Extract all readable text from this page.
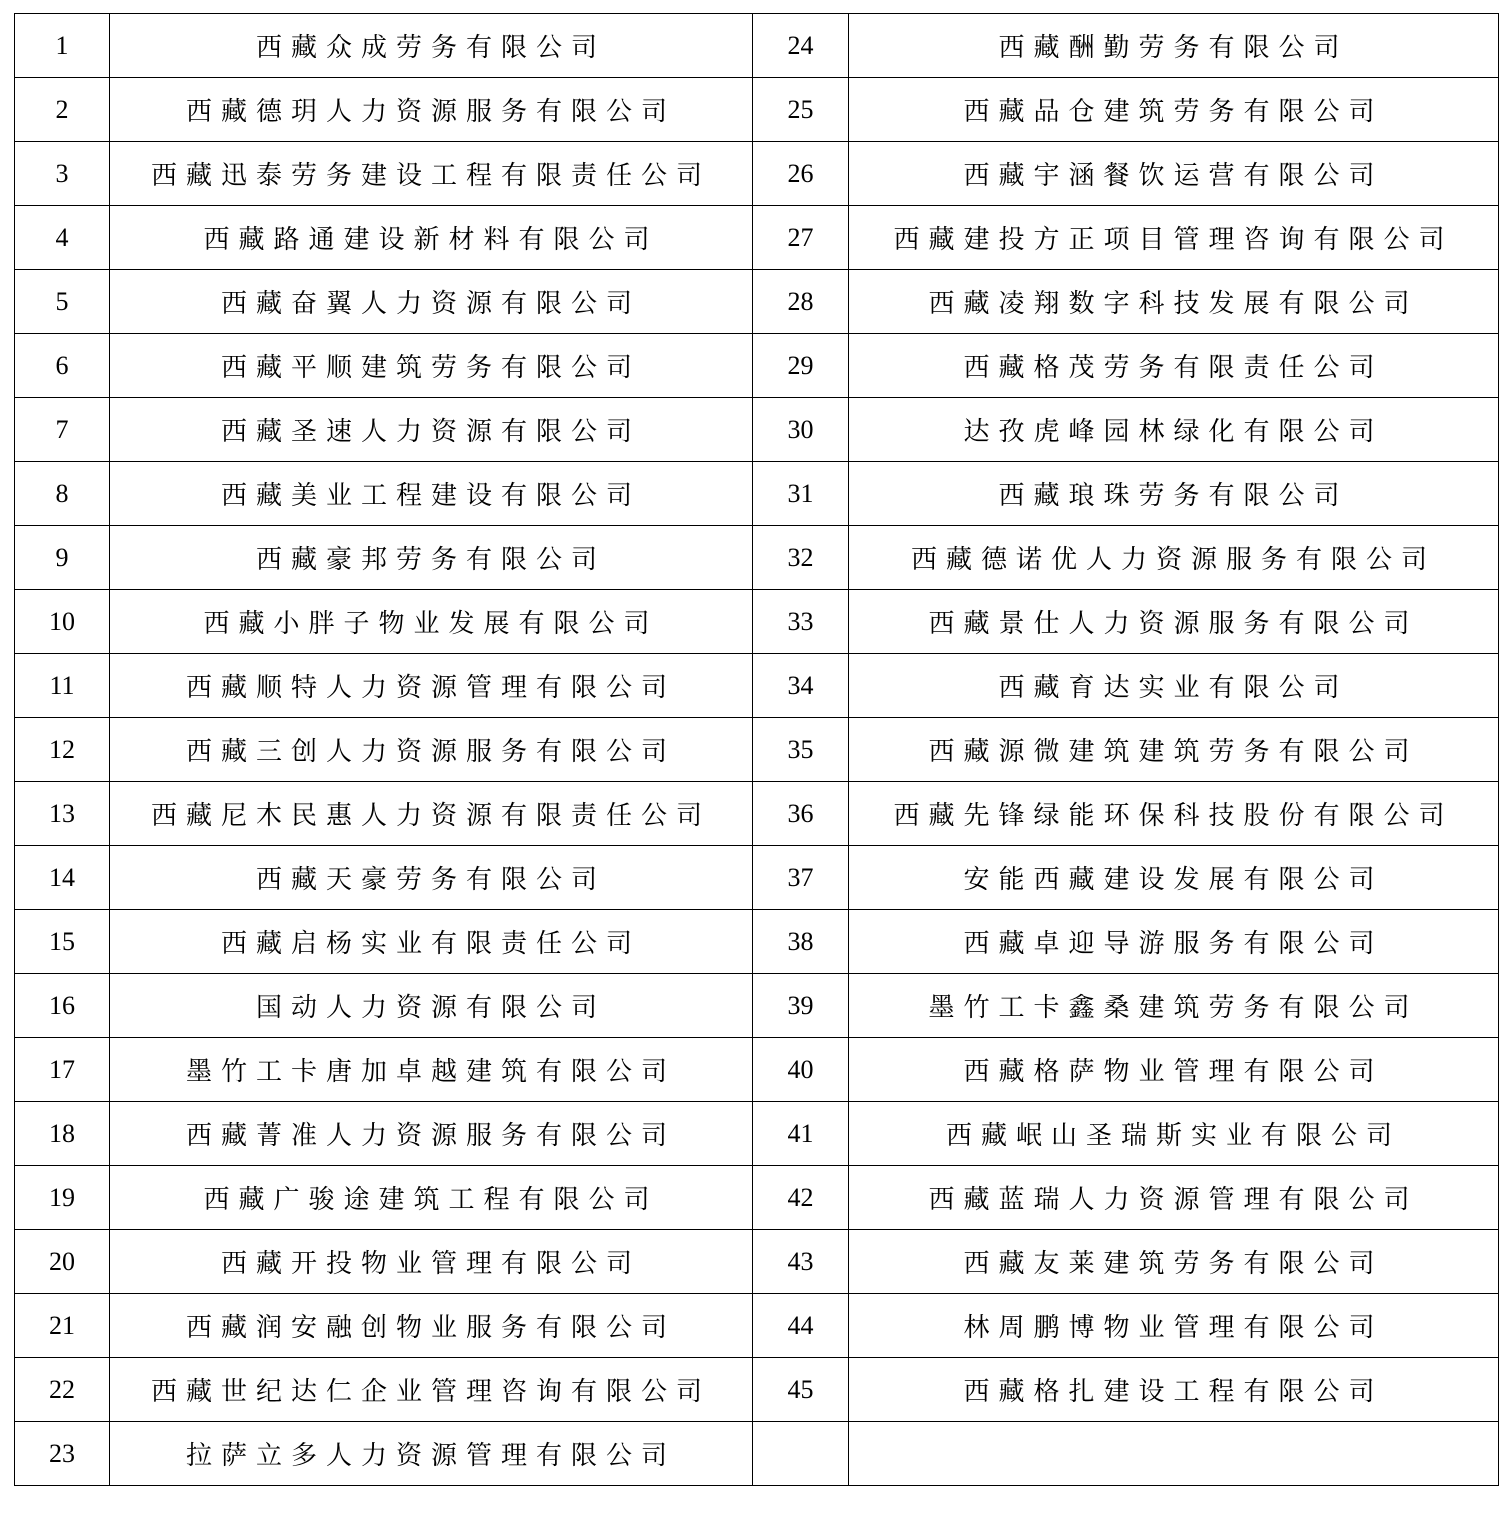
1	西藏众成劳务有限公司	24	西藏酬勤劳务有限公司
2	西藏德玥人力资源服务有限公司	25	西藏品仓建筑劳务有限公司
3	西藏迅泰劳务建设工程有限责任公司	26	西藏宇涵餐饮运营有限公司
4	西藏路通建设新材料有限公司	27	西藏建投方正项目管理咨询有限公司
5	西藏奋翼人力资源有限公司	28	西藏凌翔数字科技发展有限公司
6	西藏平顺建筑劳务有限公司	29	西藏格茂劳务有限责任公司
7	西藏圣速人力资源有限公司	30	达孜虎峰园林绿化有限公司
8	西藏美业工程建设有限公司	31	西藏琅珠劳务有限公司
9	西藏豪邦劳务有限公司	32	西藏德诺优人力资源服务有限公司
10	西藏小胖子物业发展有限公司	33	西藏景仕人力资源服务有限公司
11	西藏顺特人力资源管理有限公司	34	西藏育达实业有限公司
12	西藏三创人力资源服务有限公司	35	西藏源微建筑建筑劳务有限公司
13	西藏尼木民惠人力资源有限责任公司	36	西藏先锋绿能环保科技股份有限公司
14	西藏天豪劳务有限公司	37	安能西藏建设发展有限公司
15	西藏启杨实业有限责任公司	38	西藏卓迎导游服务有限公司
16	国动人力资源有限公司	39	墨竹工卡鑫桑建筑劳务有限公司
17	墨竹工卡唐加卓越建筑有限公司	40	西藏格萨物业管理有限公司
18	西藏菁准人力资源服务有限公司	41	西藏岷山圣瑞斯实业有限公司
19	西藏广骏途建筑工程有限公司	42	西藏蓝瑞人力资源管理有限公司
20	西藏开投物业管理有限公司	43	西藏友莱建筑劳务有限公司
21	西藏润安融创物业服务有限公司	44	林周鹏博物业管理有限公司
22	西藏世纪达仁企业管理咨询有限公司	45	西藏格扎建设工程有限公司
23	拉萨立多人力资源管理有限公司		
